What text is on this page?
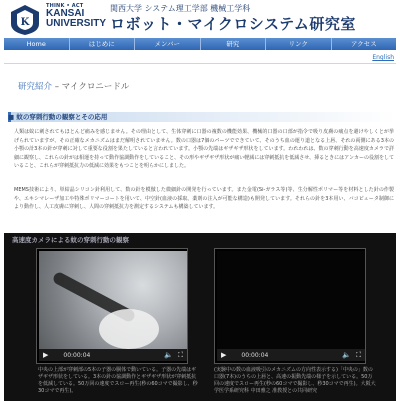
K
THINK • ACT
KANSAI
UNIVERSITY
関西大学 システム理工学部 機械工学科
ロボット・マイクロシステム研究室
Home	はじめに	メンバー	研究	リンク	アクセス
English
研究紹介 – マイクロニードル
■ 蚊の穿刺行動の観察とその応用

人類は蚊に刺されてもほとんど痛みを感じません。その理由として、生体穿刺に口器の複数の機能効果、機械的口器の口部が指令で吸り皮膚の痛点を避けやしくとが挙げられていますが、その正確なメカニズムはまだ解明されていません。数の口器は7個のパーツでできていて、そのうち血の運り道となる上唇、それの両側にある3本の小顎の計3本の針が穿刺に対して重要な役割を果たしていると言われています。小顎の先端はギザギザ形状をしています。われわれは、数の穿刺行動を高速度カメラで詳細に観察し、これらの針がは相運を持って動作協調動作をしていること、その形やギザギザ形状が痛い軽減には穿刺抵抗を低減させ、挿るときにはアンカーの役割をしていること、これらが穿刺抵抗力の低減に効果をもつことを明らかにしました。

MEMS技術により、単結晶シリコン針利用して、数の針を模倣した微細針の開発を行っています。また金電(Si-ガラス等)等、生分解性ポリマー等を材料とした針の作製や、エキシマレーザ加工や特殊ポリマーコートを用いて、中空針(血液の採取、薬剤の注入が可能な構造)も開発しています。それらの針を3本用い、バコピュータ制御により動作し、人工皮膚に穿刺し、人間の穿刺抵抗力を測定するシステムも構築しています。

高速度カメラによる蚊の穿刺行動の観察
▶	00:00:04	🔈 ⛶	▶	00:00:04	🔈 ⛶
中央の上部が穿刺部の5本の子器の胴体で動いている。子器の先端はギザギザ形状をしている。3本の針の協調動作とギザギザ形状が穿刺抵抗を低減している。50万回の速度でスロー再生(秒の60コマで撮影し、秒30コマで再生)。
(実験中の数の血液吸引のメカニズムの方向性表示する)「中央の」数の口器(7本)のうちの上唇と、高速の振動先端の様子を示している。50万回の速度でスロー再生(秒の60コマで撮影し、秒30コマで再生)。大阪大学医学系研究科 中田雅之 准教授との共同研究
